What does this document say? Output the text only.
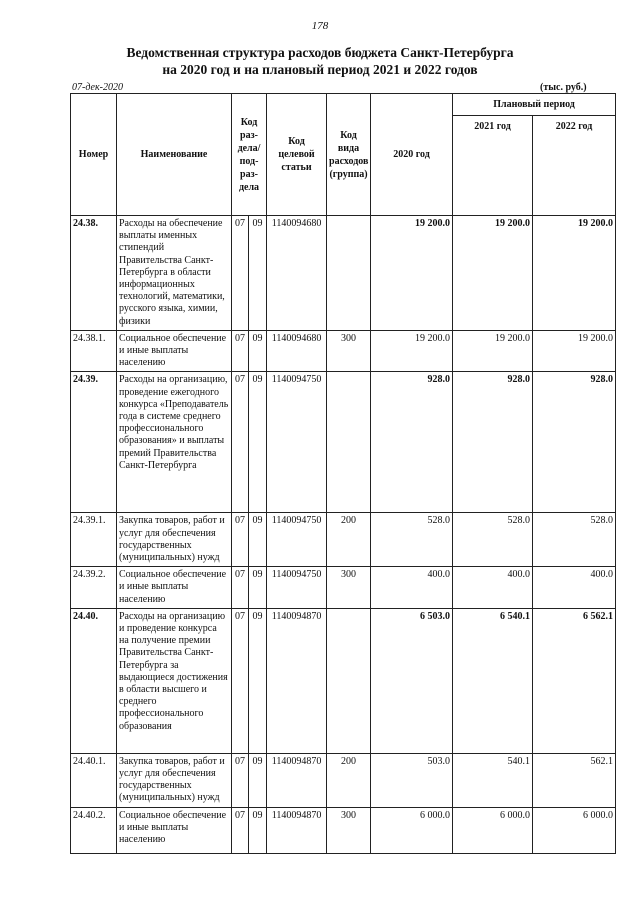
178
Ведомственная структура расходов бюджета Санкт-Петербурга
на 2020 год и на плановый период 2021 и 2022 годов
07-дек-2020	(тыс. руб.)
Номер	Наименование	Код раз-дела/ под-раз-дела		Код целевой статьи	Код вида расходов (группа)	2020 год	Плановый период	
							2021 год	2022 год
24.38.	Расходы на обеспечение выплаты именных стипендий Правительства Санкт-Петербурга в области информационных технологий, математики, русского языка, химии, физики	07	09	1140094680		19 200.0	19 200.0	19 200.0
24.38.1.	Социальное обеспечение и иные выплаты населению	07	09	1140094680	300	19 200.0	19 200.0	19 200.0
24.39.	Расходы на организацию, проведение ежегодного конкурса «Преподаватель года в системе среднего профессионального образования» и выплаты премий Правительства Санкт-Петербурга	07	09	1140094750		928.0	928.0	928.0
24.39.1.	Закупка товаров, работ и услуг для обеспечения государственных (муниципальных) нужд	07	09	1140094750	200	528.0	528.0	528.0
24.39.2.	Социальное обеспечение и иные выплаты населению	07	09	1140094750	300	400.0	400.0	400.0
24.40.	Расходы на организацию и проведение конкурса на получение премии Правительства Санкт-Петербурга за выдающиеся достижения в области высшего и среднего профессионального образования	07	09	1140094870		6 503.0	6 540.1	6 562.1
24.40.1.	Закупка товаров, работ и услуг для обеспечения государственных (муниципальных) нужд	07	09	1140094870	200	503.0	540.1	562.1
24.40.2.	Социальное обеспечение и иные выплаты населению	07	09	1140094870	300	6 000.0	6 000.0	6 000.0
